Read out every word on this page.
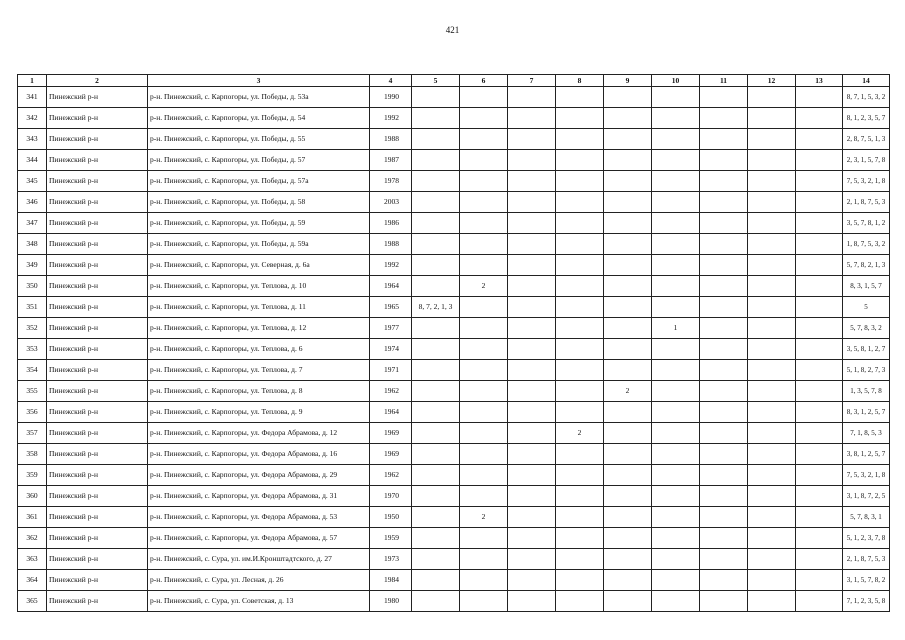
421
1	2	3	4	5	6	7	8	9	10	11	12	13	14
341	Пинежский р-н	р-н. Пинежский, с. Карпогоры, ул. Победы, д. 53а	1990										8, 7, 1, 5, 3, 2
342	Пинежский р-н	р-н. Пинежский, с. Карпогоры, ул. Победы, д. 54	1992										8, 1, 2, 3, 5, 7
343	Пинежский р-н	р-н. Пинежский, с. Карпогоры, ул. Победы, д. 55	1988										2, 8, 7, 5, 1, 3
344	Пинежский р-н	р-н. Пинежский, с. Карпогоры, ул. Победы, д. 57	1987										2, 3, 1, 5, 7, 8
345	Пинежский р-н	р-н. Пинежский, с. Карпогоры, ул. Победы, д. 57а	1978										7, 5, 3, 2, 1, 8
346	Пинежский р-н	р-н. Пинежский, с. Карпогоры, ул. Победы, д. 58	2003										2, 1, 8, 7, 5, 3
347	Пинежский р-н	р-н. Пинежский, с. Карпогоры, ул. Победы, д. 59	1986										3, 5, 7, 8, 1, 2
348	Пинежский р-н	р-н. Пинежский, с. Карпогоры, ул. Победы, д. 59а	1988										1, 8, 7, 5, 3, 2
349	Пинежский р-н	р-н. Пинежский, с. Карпогоры, ул. Северная, д. 6а	1992										5, 7, 8, 2, 1, 3
350	Пинежский р-н	р-н. Пинежский, с. Карпогоры, ул. Теплова, д. 10	1964		2								8, 3, 1, 5, 7
351	Пинежский р-н	р-н. Пинежский, с. Карпогоры, ул. Теплова, д. 11	1965	8, 7, 2, 1, 3									5
352	Пинежский р-н	р-н. Пинежский, с. Карпогоры, ул. Теплова, д. 12	1977						1				5, 7, 8, 3, 2
353	Пинежский р-н	р-н. Пинежский, с. Карпогоры, ул. Теплова, д. 6	1974										3, 5, 8, 1, 2, 7
354	Пинежский р-н	р-н. Пинежский, с. Карпогоры, ул. Теплова, д. 7	1971										5, 1, 8, 2, 7, 3
355	Пинежский р-н	р-н. Пинежский, с. Карпогоры, ул. Теплова, д. 8	1962					2					1, 3, 5, 7, 8
356	Пинежский р-н	р-н. Пинежский, с. Карпогоры, ул. Теплова, д. 9	1964										8, 3, 1, 2, 5, 7
357	Пинежский р-н	р-н. Пинежский, с. Карпогоры, ул. Федора Абрамова, д. 12	1969				2						7, 1, 8, 5, 3
358	Пинежский р-н	р-н. Пинежский, с. Карпогоры, ул. Федора Абрамова, д. 16	1969										3, 8, 1, 2, 5, 7
359	Пинежский р-н	р-н. Пинежский, с. Карпогоры, ул. Федора Абрамова, д. 29	1962										7, 5, 3, 2, 1, 8
360	Пинежский р-н	р-н. Пинежский, с. Карпогоры, ул. Федора Абрамова, д. 31	1970										3, 1, 8, 7, 2, 5
361	Пинежский р-н	р-н. Пинежский, с. Карпогоры, ул. Федора Абрамова, д. 53	1950		2								5, 7, 8, 3, 1
362	Пинежский р-н	р-н. Пинежский, с. Карпогоры, ул. Федора Абрамова, д. 57	1959										5, 1, 2, 3, 7, 8
363	Пинежский р-н	р-н. Пинежский, с. Сура, ул. им.И.Кронштадтского, д. 27	1973										2, 1, 8, 7, 5, 3
364	Пинежский р-н	р-н. Пинежский, с. Сура, ул. Лесная, д. 26	1984										3, 1, 5, 7, 8, 2
365	Пинежский р-н	р-н. Пинежский, с. Сура, ул. Советская, д. 13	1980										7, 1, 2, 3, 5, 8
